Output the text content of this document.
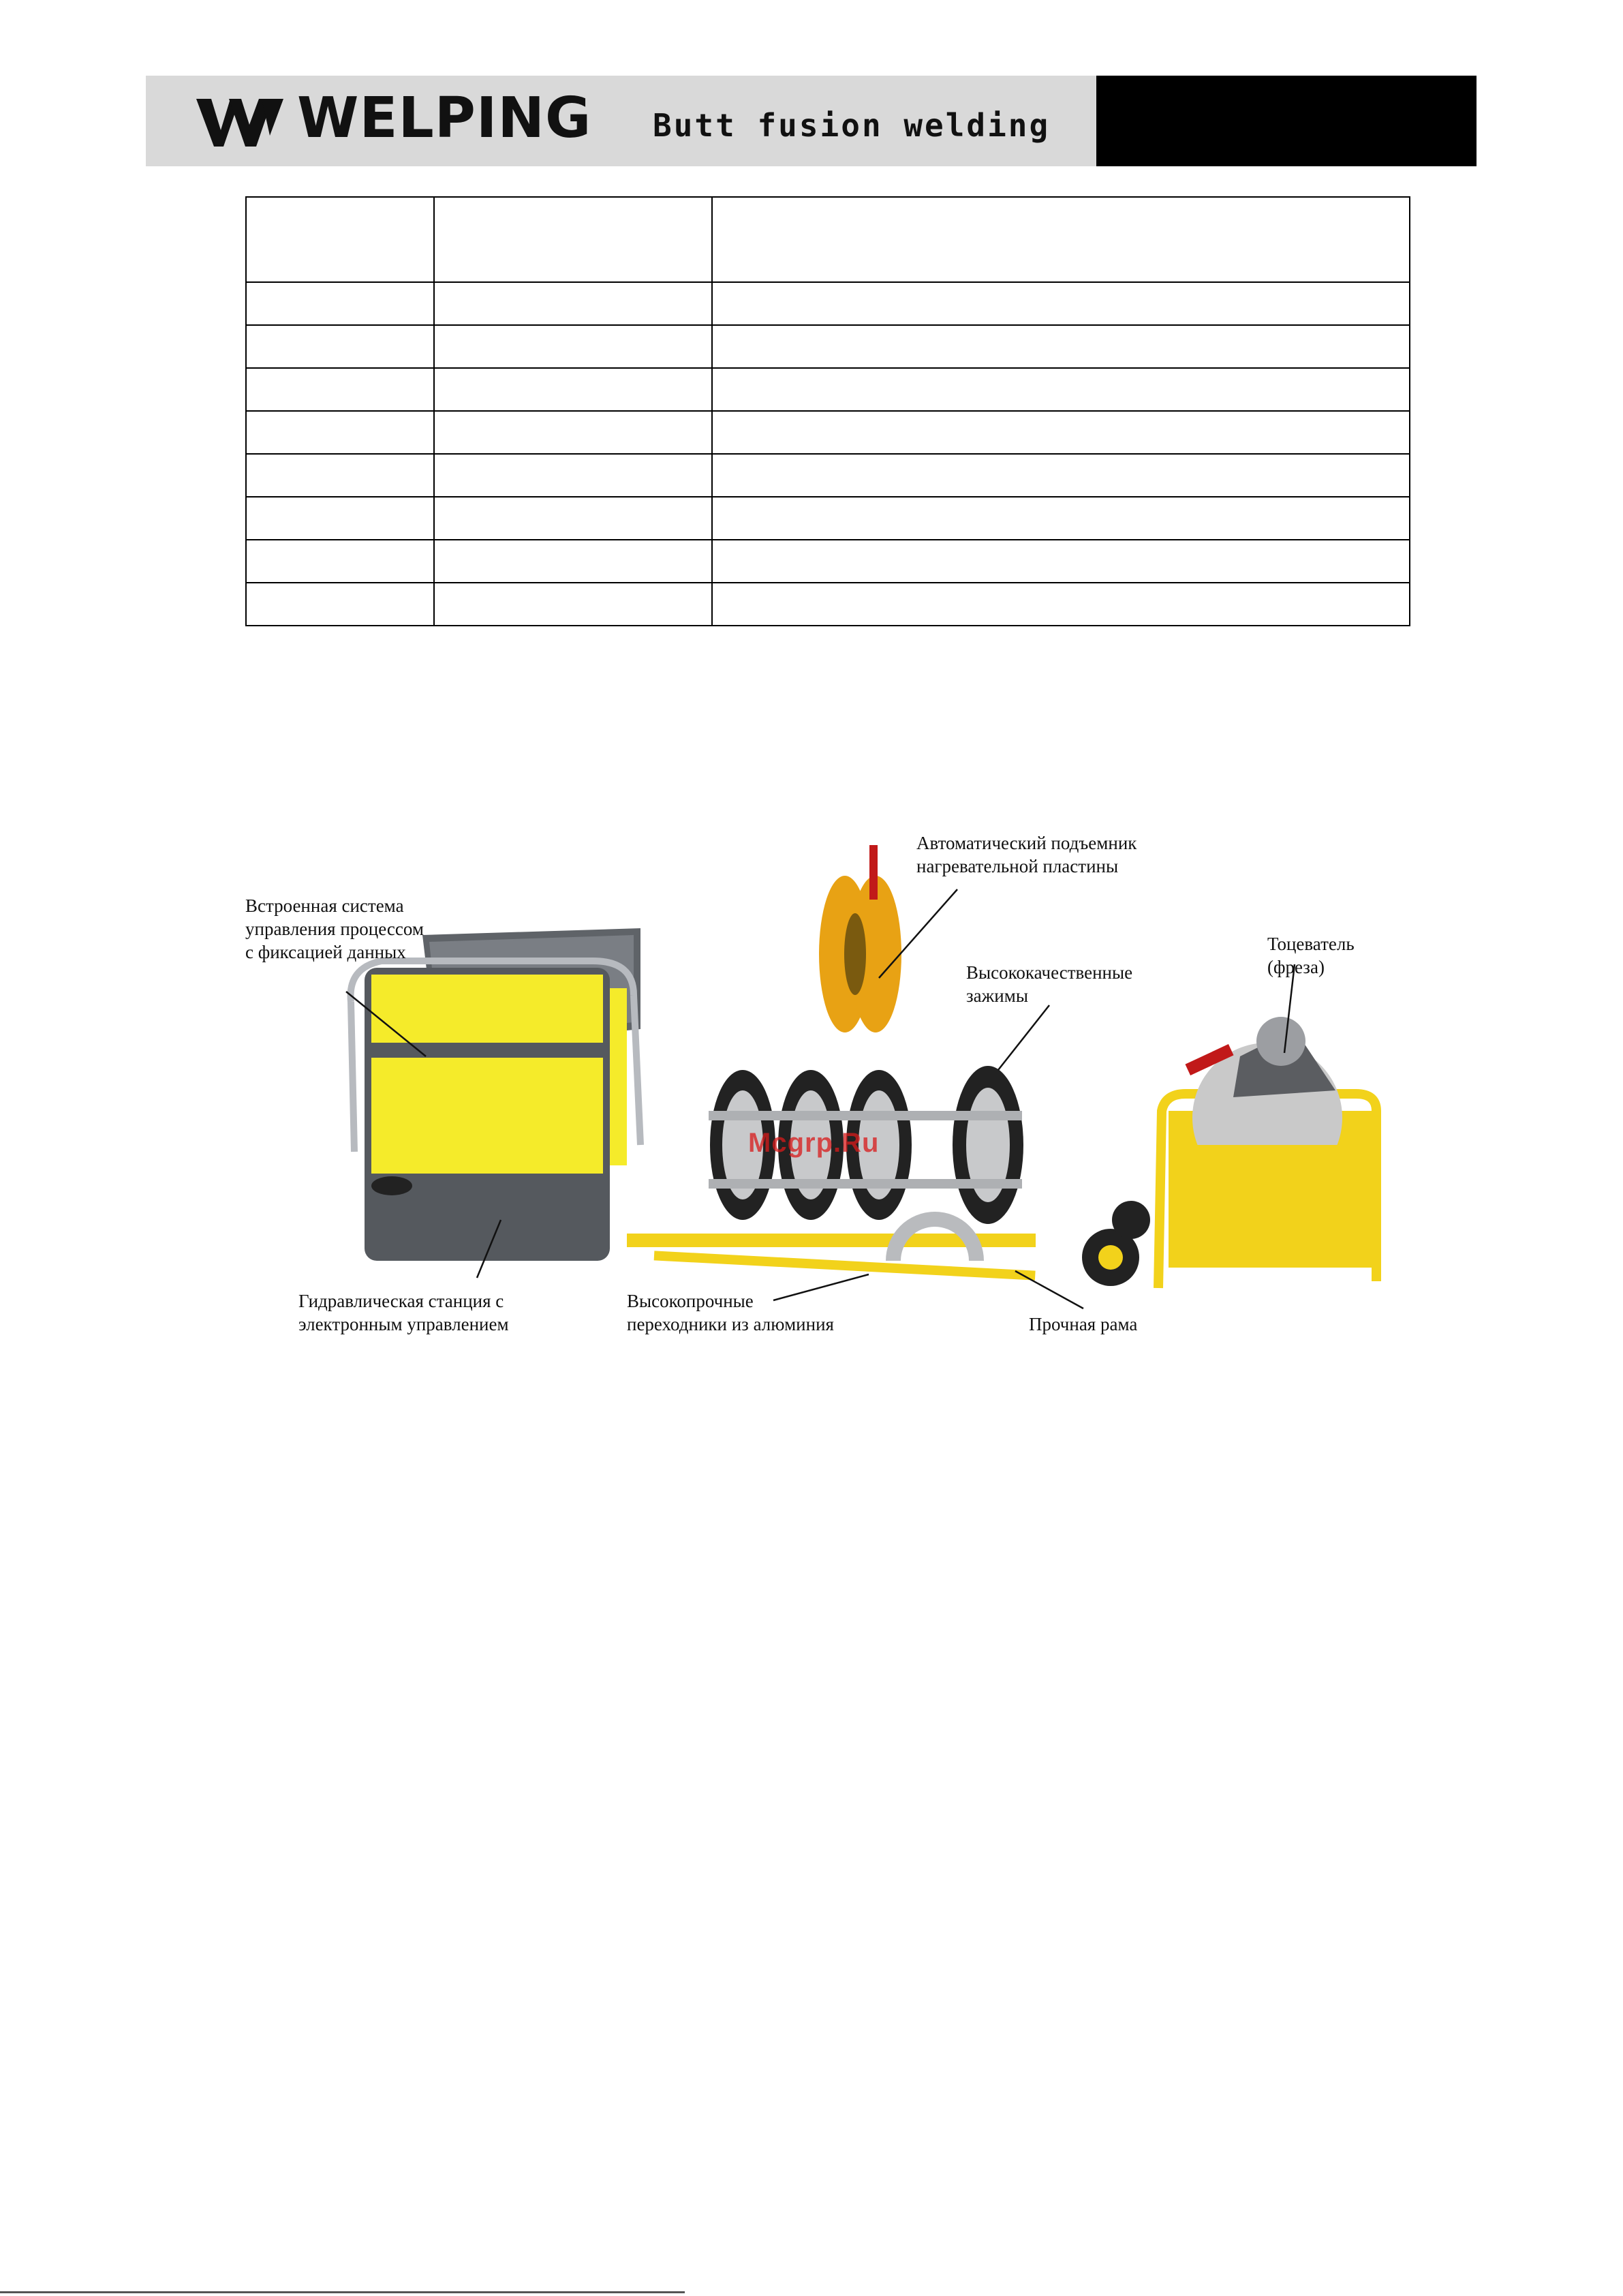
WELPING Butt fusion welding

Встроенная система
управления процессом
с фиксацией данных
Автоматический подъемник
нагревательной пластины
Высококачественные
зажимы
Тоцеватель
(фреза)
Гидравлическая станция с
электронным управлением
Высокопрочные
переходники из алюминия	Прочная рама
Mcgrp.Ru
